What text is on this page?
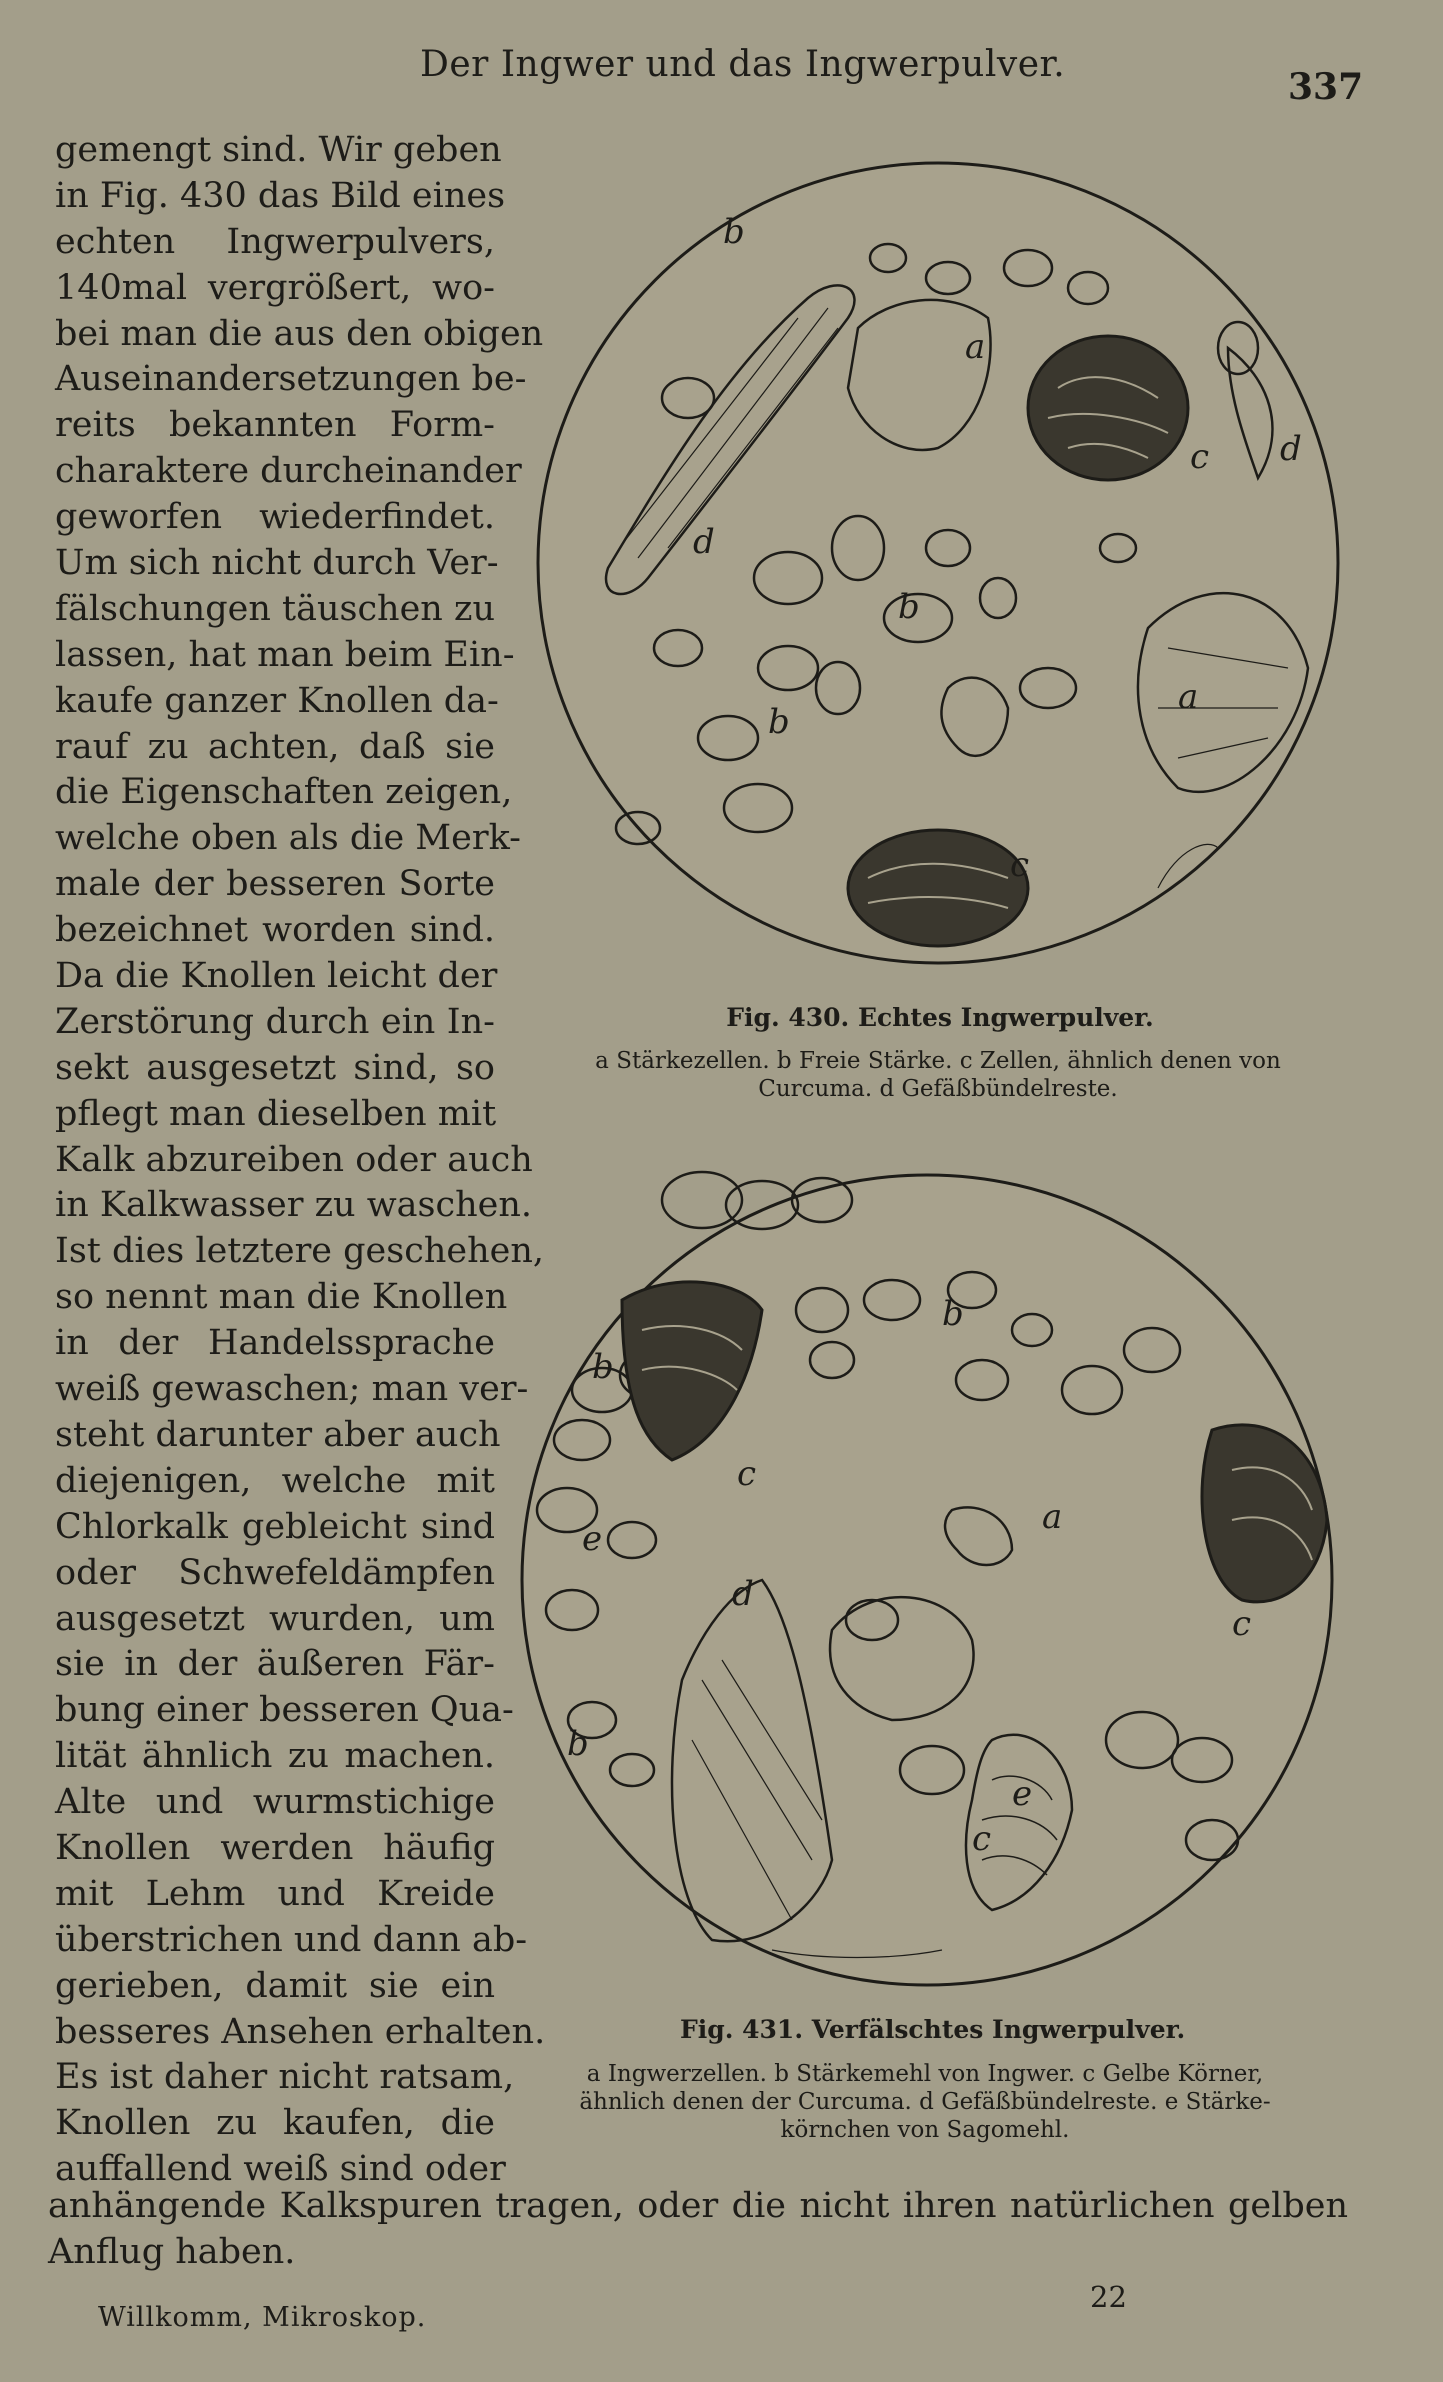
Der Ingwer und das Ingwerpulver.
337
gemengt sind. Wir geben
in Fig. 430 das Bild eines
echten Ingwerpulvers,
140mal vergrößert, wo-
bei man die aus den obigen
Auseinandersetzungen be-
reits bekannten Form-
charaktere durcheinander
geworfen wiederfindet.
Um sich nicht durch Ver-
fälschungen täuschen zu
lassen, hat man beim Ein-
kaufe ganzer Knollen da-
rauf zu achten, daß sie
die Eigenschaften zeigen,
welche oben als die Merk-
male der besseren Sorte
bezeichnet worden sind.
Da die Knollen leicht der
Zerstörung durch ein In-
sekt ausgesetzt sind, so
pflegt man dieselben mit
Kalk abzureiben oder auch
in Kalkwasser zu waschen.
Ist dies letztere geschehen,
so nennt man die Knollen
in der Handelssprache
weiß gewaschen; man ver-
steht darunter aber auch
diejenigen, welche mit
Chlorkalk gebleicht sind
oder Schwefeldämpfen
ausgesetzt wurden, um
sie in der äußeren Fär-
bung einer besseren Qua-
lität ähnlich zu machen.
Alte und wurmstichige
Knollen werden häufig
mit Lehm und Kreide
überstrichen und dann ab-
gerieben, damit sie ein
besseres Ansehen erhalten.
Es ist daher nicht ratsam,
Knollen zu kaufen, die
auffallend weiß sind oder
anhängende Kalkspuren tragen, oder die nicht ihren natürlichen gelben
Anflug haben.
a
a
b
b
b
c
c
d
d
Fig. 430. Echtes Ingwerpulver.
a Stärkezellen. b Freie Stärke. c Zellen, ähnlich denen von
Curcuma. d Gefäßbündelreste.
a
b
b
b
c
c
c
d
e
e
Fig. 431. Verfälschtes Ingwerpulver.
a Ingwerzellen. b Stärkemehl von Ingwer. c Gelbe Körner,
ähnlich denen der Curcuma. d Gefäßbündelreste. e Stärke-
körnchen von Sagomehl.
Willkomm, Mikroskop.
22
